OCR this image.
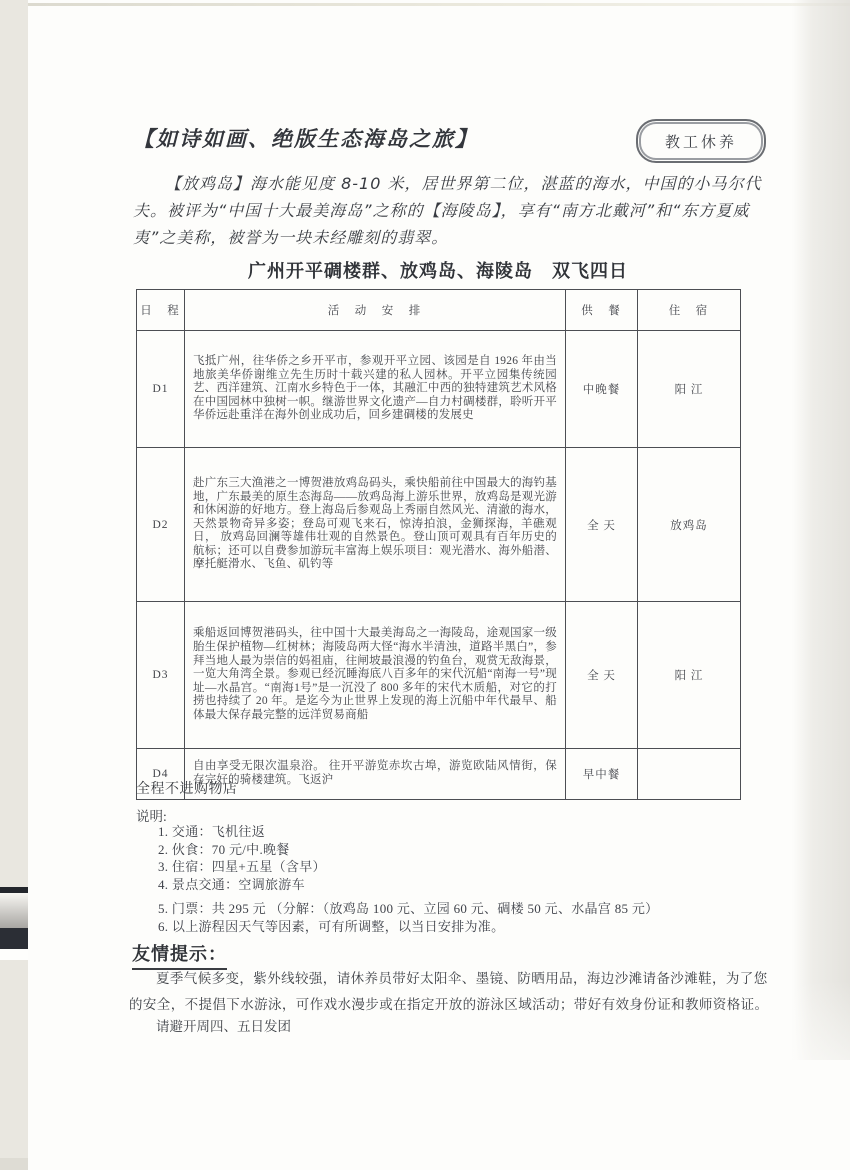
【如诗如画、绝版生态海岛之旅】	教工休养
【放鸡岛】海水能见度 8-10 米，居世界第二位，湛蓝的海水，中国的小马尔代夫。被评为“中国十大最美海岛”之称的【海陵岛】，享有“南方北戴河”和“东方夏威夷”之美称，被誉为一块未经雕刻的翡翠。
广州开平碉楼群、放鸡岛、海陵岛　双飞四日
日　程	活　动　安　排	供　餐	住　宿
D1	飞抵广州，往华侨之乡开平市，参观开平立园、该园是自 1926 年由当地旅美华侨谢维立先生历时十载兴建的私人园林。开平立园集传统园艺、西洋建筑、江南水乡特色于一体，其融汇中西的独特建筑艺术风格在中国园林中独树一帜。继游世界文化遗产—自力村碉楼群，聆听开平华侨远赴重洋在海外创业成功后，回乡建碉楼的发展史	中晚餐	阳 江
D2	赴广东三大渔港之一博贺港放鸡岛码头，乘快船前往中国最大的海钓基地，广东最美的原生态海岛——放鸡岛海上游乐世界，放鸡岛是观光游和休闲游的好地方。登上海岛后参观岛上秀丽自然风光、清澈的海水，天然景物奇异多姿；登岛可观飞来石，惊涛拍浪，金狮探海，羊礁观日， 放鸡岛回澜等雄伟壮观的自然景色。登山顶可观具有百年历史的航标；还可以自费参加游玩丰富海上娱乐项目：观光潜水、海外船潜、摩托艇滑水、飞鱼、矶钓等	全 天	放鸡岛
D3	乘船返回博贺港码头，往中国十大最美海岛之一海陵岛，途观国家一级胎生保护植物—红树林；海陵岛两大怪“海水半清浊，道路半黑白”，参拜当地人最为崇信的妈祖庙，往闸坡最浪漫的钓鱼台，观赏无敌海景，一览大角湾全景。参观已经沉睡海底八百多年的宋代沉船“南海一号”现址—水晶宫。“南海1号”是一沉没了 800 多年的宋代木质船，对它的打捞也持续了 20 年。是迄今为止世界上发现的海上沉船中年代最早、船体最大保存最完整的远洋贸易商船	全 天	阳 江
D4	自由享受无限次温泉浴。 往开平游览赤坎古埠，游览欧陆风情街，保存完好的骑楼建筑。飞返沪	早中餐	
全程不进购物店
说明:
1. 交通：飞机往返
2. 伙食：70 元/中.晚餐
3. 住宿：四星+五星（含早）
4. 景点交通：空调旅游车
5. 门票：共 295 元 （分解：（放鸡岛 100 元、立园 60 元、碉楼 50 元、水晶宫 85 元）
6. 以上游程因天气等因素，可有所调整，以当日安排为准。
友情提示：
夏季气候多变，紫外线较强，请休养员带好太阳伞、墨镜、防晒用品，海边沙滩请备沙滩鞋，为了您的安全，不提倡下水游泳，可作戏水漫步或在指定开放的游泳区域活动；带好有效身份证和教师资格证。
请避开周四、五日发团
